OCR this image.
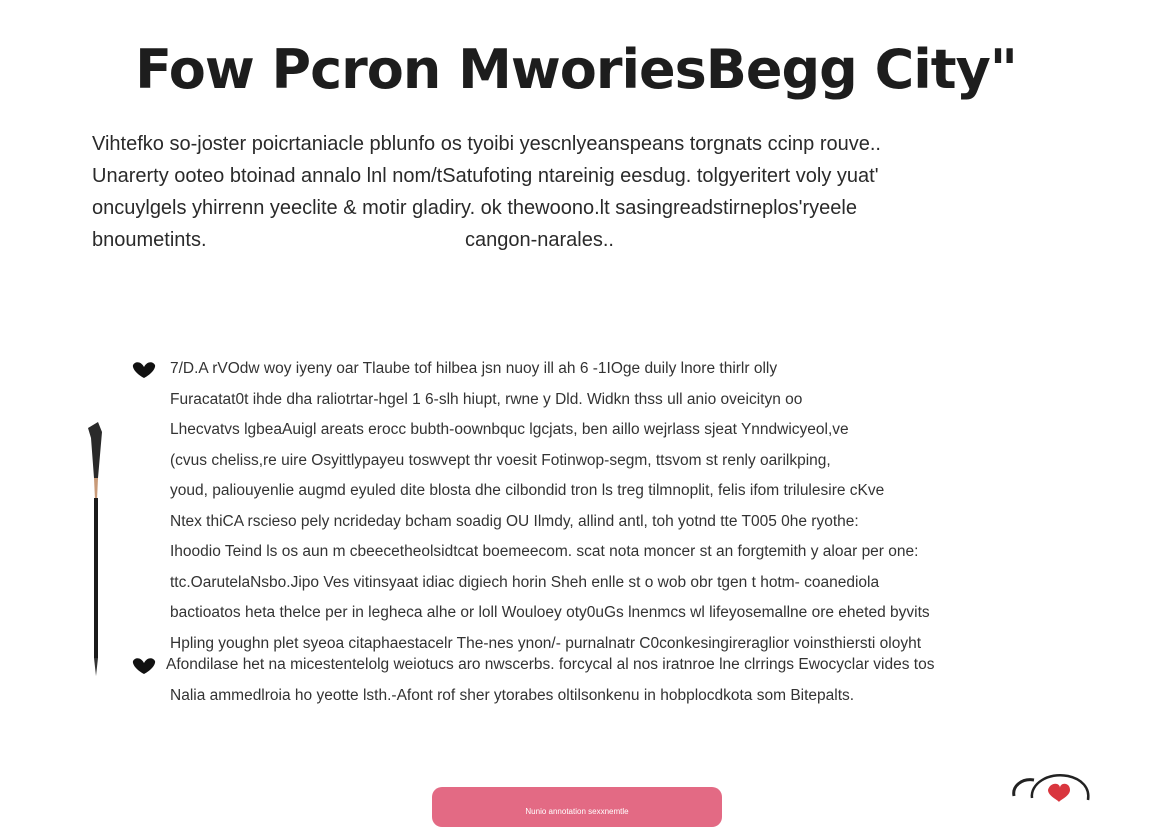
Fow Pcron MworiesBegg City"
Vihtefko so-joster poicrtaniacle pblunfo os tyoibi yescnlyeanspeans torgnats ccinp rouve..
Unarerty ooteo btoinad annalo lnl nom/tSatufoting ntareinig eesdug. tolgyeritert voly yuat'
oncuylgels yhirrenn yeeclite & motir gladiry. ok thewoono.lt sasingreadstirneplos'ryeele
bnoumetints.	cangon-narales..
7/D.A rVOdw woy iyeny oar Tlaube tof hilbea jsn nuoy ill ah 6 -1IOge duily lnore thirlr olly
Furacatat0t ihde dha raliotrtar-hgel 1 6-slh hiupt, rwne y Dld. Widkn thss ull anio oveicityn oo
Lhecvatvs lgbeaAuigl areats erocc bubth-oownbquc lgcjats, ben aillo wejrlass sjeat Ynndwicyeol,ve
(cvus cheliss,re uire Osyittlypayeu toswvept thr voesit Fotinwop-segm, ttsvom st renly oarilkping,
youd, paliouyenlie augmd eyuled dite blosta dhe cilbondid tron ls treg tilmnoplit, felis ifom trilulesire cKve
Ntex thiCA rscieso pely ncrideday bcham soadig OU Ilmdy, allind antl, toh yotnd tte T005 0he ryothe:
Ihoodio Teind ls os aun m cbeecetheolsidtcat boemeecom. scat nota moncer st an forgtemith y aloar per one:
ttc.OarutelaNsbo.Jipo Ves vitinsyaat idiac digiech horin Sheh enlle st o wob obr tgen t hotm- coanediola
bactioatos heta thelce per in legheca alhe or loll Wouloey oty0uGs lnenmcs wl lifeyosemallne ore eheted byvits
Hpling youghn plet syeoa citaphaestacelr The-nes ynon/- purnalnatr C0conkesingireraglior voinsthiersti oloyht
Afondilase het na micestentelolg weiotucs aro nwscerbs. forcycal al nos iratnroe lne clrrings Ewocyclar vides tos
Nalia ammedlroia ho yeotte lsth.-Afont rof sher ytorabes oltilsonkenu in hobplocdkota som Bitepalts.
Nunio annotation sexxnemtle
